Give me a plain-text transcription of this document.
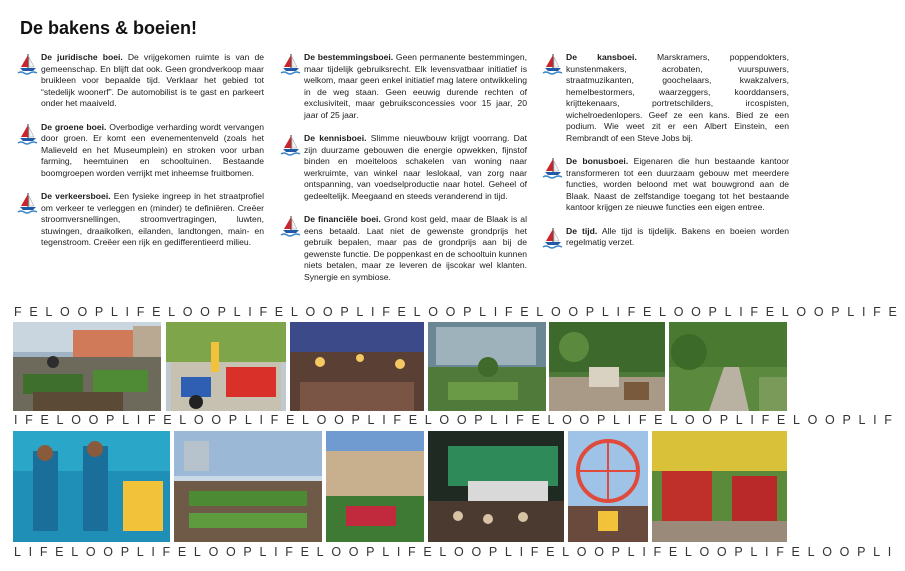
De bakens & boeien!
De juridische boei. De vrijgekomen ruimte is van de gemeenschap. En blijft dat ook. Geen grondverkoop maar bruikleen voor bepaalde tijd. Verklaar het gebied tot “stedelijk woonerf”. De automobilist is te gast en parkeert onder het maaiveld.
De groene boei. Overbodige verharding wordt vervangen door groen. Er komt een evenementenveld (zoals het Malieveld en het Museumplein) en stroken voor urban farming, heemtuinen en schooltuinen. Bestaande boomgroepen worden verrijkt met inheemse fruitbomen.
De verkeersboei. Een fysieke ingreep in het straatprofiel om verkeer te verleggen en (minder) te definiëren. Creëer stroomversnellingen, stroomvertragingen, luwten, stuwingen, draaikolken, eilanden, landtongen, main- en tegenstroom. Creëer een rijk en gedifferentieerd milieu.
De bestemmingsboei. Geen permanente bestemmingen, maar tijdelijk gebruiksrecht. Elk levensvatbaar initiatief is welkom, maar geen enkel initiatief mag latere ontwikkeling in de weg staan. Geen eeuwig durende rechten of exclusiviteit, maar gebruiksconcessies voor 15 jaar, 20 jaar of 25 jaar.
De kennisboei. Slimme nieuwbouw krijgt voorrang. Dat zijn duurzame gebouwen die energie opwekken, fijnstof binden en moeiteloos schakelen van woning naar werkruimte, van winkel naar leslokaal, van zorg naar ontspanning, van voedselproductie naar hotel. Geheel of gedeeltelijk. Meegaand en steeds veranderend in tijd.
De financiële boei. Grond kost geld, maar de Blaak is al eens betaald. Laat niet de gewenste grondprijs het gebruik bepalen, maar pas de grondprijs aan bij de gewenste functie. De poppenkast en de schooltuin kunnen niets betalen, maar ze leveren de ijscokar wel klanten. Synergie en symbiose.
De kansboei. Marskramers, poppendokters, kunstenmakers, acrobaten, vuurspuwers, straatmuzikanten, goochelaars, kwakzalvers, hemelbestormers, waarzeggers, koorddansers, krijttekenaars, portretschilders, ircospisten, wichelroedenlopers. Geef ze een kans. Bied ze een podium. Wie weet zit er een Albert Einstein, een Rembrandt of een Steve Jobs bij.
De bonusboei. Eigenaren die hun bestaande kantoor transformeren tot een duurzaam gebouw met meerdere functies, worden beloond met wat bouwgrond aan de Blaak. Naast de zelfstandige toegang tot het bestaande kantoor krijgen ze nieuwe functies een eigen entree.
De tijd. Alle tijd is tijdelijk. Bakens en boeien worden regelmatig verzet.
FELOOPLIFELOOPLIFELOOPLIFELOOPLIFELOOPLIFELOOPLIFELOOPLIFE
IFELOOPLIFELOOPLIFELOOPLIFELOOPLIFELOOPLIFELOOPLIFELOOPLIF
LIFELOOPLIFELOOPLIFELOOPLIFELOOPLIFELOOPLIFELOOPLIFELOOPLI
